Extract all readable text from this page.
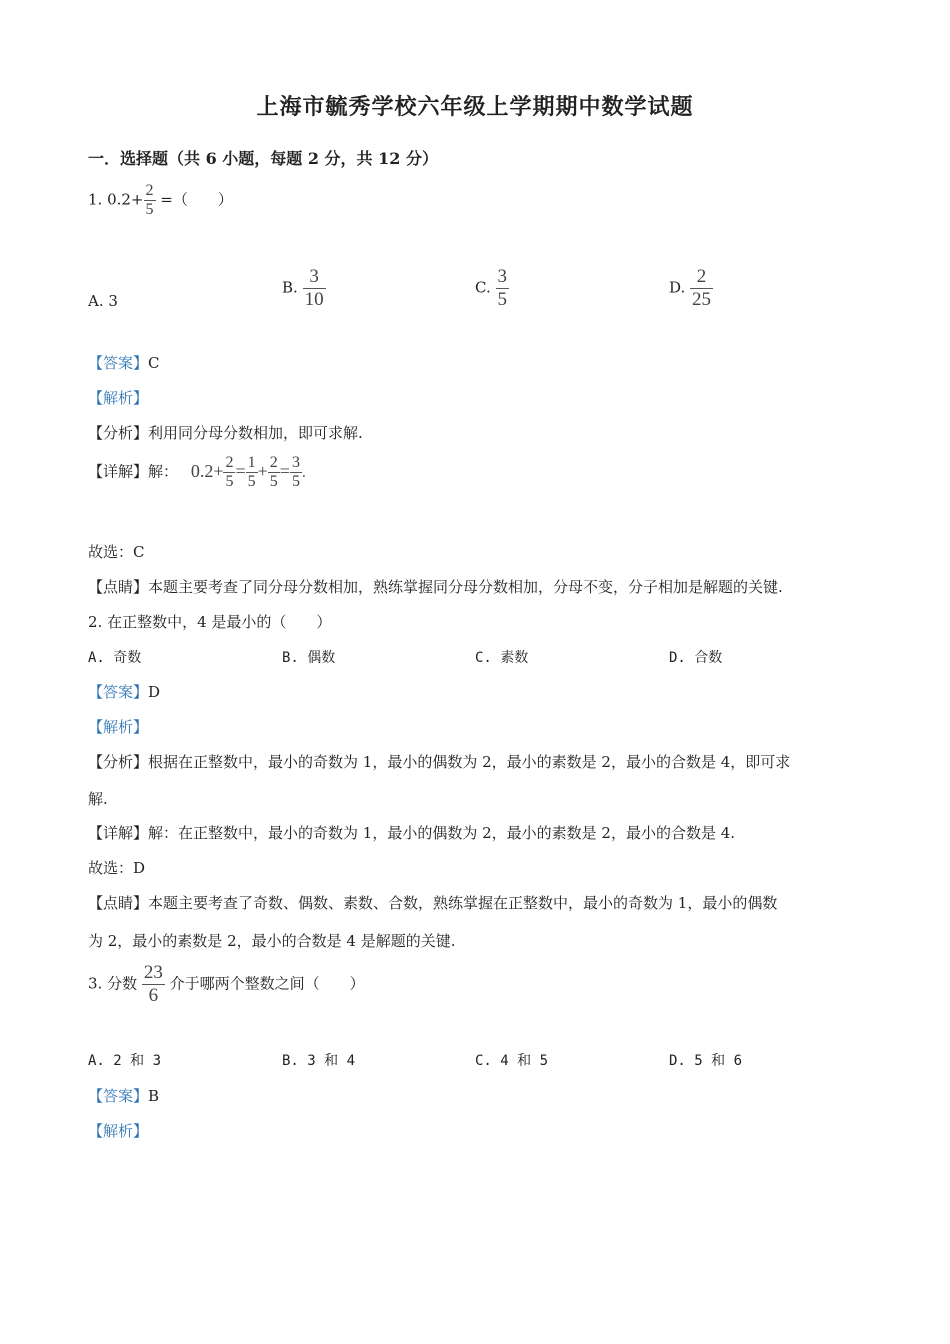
上海市毓秀学校六年级上学期期中数学试题
一．选择题（共 6 小题，每题 2 分，共 12 分）
1. $0.2+ \frac{2}{5}$ =（　　）
A. 3
B. $\frac{3}{10}$	C. $\frac{3}{5}$	D. $\frac{2}{25}$
【答案】C
【解析】
【分析】利用同分母分数相加，即可求解.
【详解】解： $0.2+ \frac{2}{5} = \frac{1}{5} + \frac{2}{5} = \frac{3}{5}$ .
故选：C
【点睛】本题主要考查了同分母分数相加，熟练掌握同分母分数相加，分母不变，分子相加是解题的关键.
2. 在正整数中，4 是最小的（　　）
A. 奇数	B. 偶数	C. 素数	D. 合数
【答案】D
【解析】
【分析】根据在正整数中，最小的奇数为 1，最小的偶数为 2，最小的素数是 2，最小的合数是 4，即可求
解.
【详解】解：在正整数中，最小的奇数为 1，最小的偶数为 2，最小的素数是 2，最小的合数是 4.
故选：D
【点睛】本题主要考查了奇数、偶数、素数、合数，熟练掌握在正整数中，最小的奇数为 1，最小的偶数
为 2，最小的素数是 2，最小的合数是 4 是解题的关键.
3. 分数 $\frac{23}{6}$ 介于哪两个整数之间（　　）
A. 2 和 3	B. 3 和 4	C. 4 和 5	D. 5 和 6
【答案】B
【解析】
